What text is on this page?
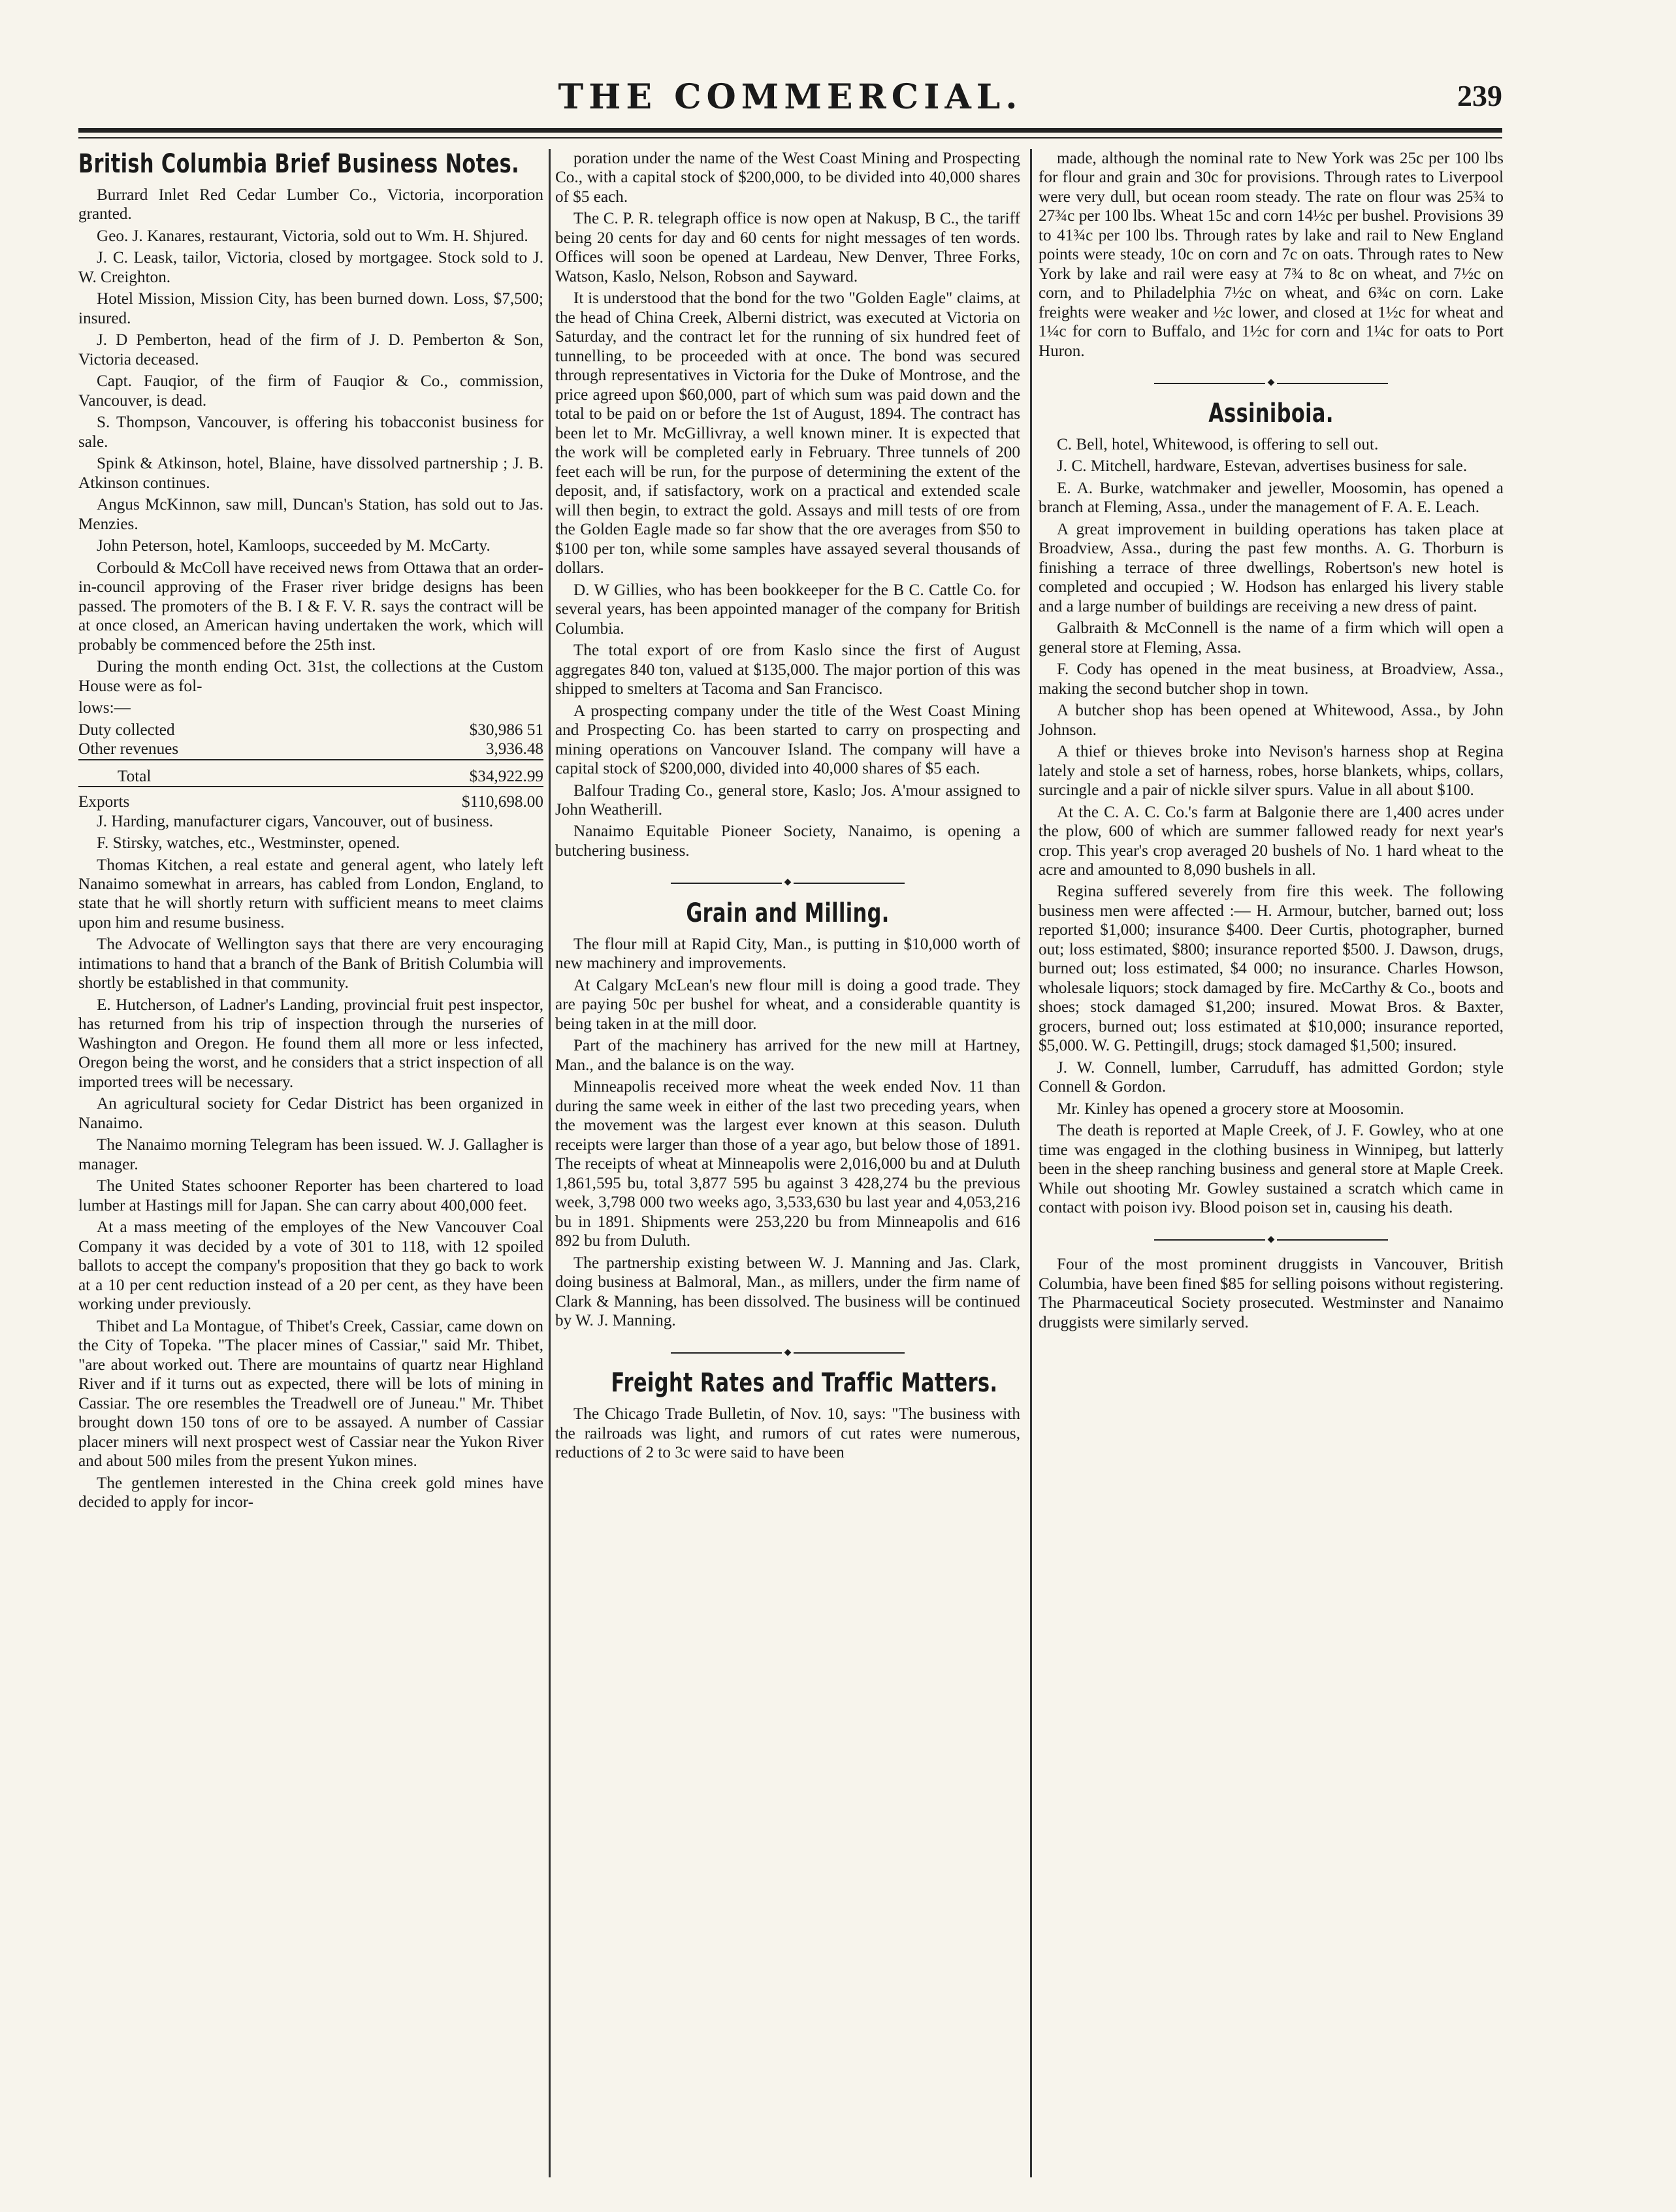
THE COMMERCIAL.	239
British Columbia Brief Business Notes.

Burrard Inlet Red Cedar Lumber Co., Victoria, incorporation granted.

Geo. J. Kanares, restaurant, Victoria, sold out to Wm. H. Shjured.

J. C. Leask, tailor, Victoria, closed by mortgagee. Stock sold to J. W. Creighton.

Hotel Mission, Mission City, has been burned down. Loss, $7,500; insured.

J. D Pemberton, head of the firm of J. D. Pemberton & Son, Victoria deceased.

Capt. Fauqior, of the firm of Fauqior & Co., commission, Vancouver, is dead.

S. Thompson, Vancouver, is offering his tobacconist business for sale.

Spink & Atkinson, hotel, Blaine, have dissolved partnership ; J. B. Atkinson continues.

Angus McKinnon, saw mill, Duncan's Station, has sold out to Jas. Menzies.

John Peterson, hotel, Kamloops, succeeded by M. McCarty.

Corbould & McColl have received news from Ottawa that an order-in-council approving of the Fraser river bridge designs has been passed. The promoters of the B. I & F. V. R. says the contract will be at once closed, an American having undertaken the work, which will probably be commenced before the 25th inst.

During the month ending Oct. 31st, the collections at the Custom House were as fol-

lows:—

Duty collected	$30,986 51
Other revenues	3,936.48

Total	$34,922.99

Exports	$110,698.00

J. Harding, manufacturer cigars, Vancouver, out of business.

F. Stirsky, watches, etc., Westminster, opened.

Thomas Kitchen, a real estate and general agent, who lately left Nanaimo somewhat in arrears, has cabled from London, England, to state that he will shortly return with sufficient means to meet claims upon him and resume business.

The Advocate of Wellington says that there are very encouraging intimations to hand that a branch of the Bank of British Columbia will shortly be established in that community.

E. Hutcherson, of Ladner's Landing, provincial fruit pest inspector, has returned from his trip of inspection through the nurseries of Washington and Oregon. He found them all more or less infected, Oregon being the worst, and he considers that a strict inspection of all imported trees will be necessary.

An agricultural society for Cedar District has been organized in Nanaimo.

The Nanaimo morning Telegram has been issued. W. J. Gallagher is manager.

The United States schooner Reporter has been chartered to load lumber at Hastings mill for Japan. She can carry about 400,000 feet.

At a mass meeting of the employes of the New Vancouver Coal Company it was decided by a vote of 301 to 118, with 12 spoiled ballots to accept the company's proposition that they go back to work at a 10 per cent reduction instead of a 20 per cent, as they have been working under previously.

Thibet and La Montague, of Thibet's Creek, Cassiar, came down on the City of Topeka. "The placer mines of Cassiar," said Mr. Thibet, "are about worked out. There are mountains of quartz near Highland River and if it turns out as expected, there will be lots of mining in Cassiar. The ore resembles the Treadwell ore of Juneau." Mr. Thibet brought down 150 tons of ore to be assayed. A number of Cassiar placer miners will next prospect west of Cassiar near the Yukon River and about 500 miles from the present Yukon mines.

The gentlemen interested in the China creek gold mines have decided to apply for incor-

poration under the name of the West Coast Mining and Prospecting Co., with a capital stock of $200,000, to be divided into 40,000 shares of $5 each.

The C. P. R. telegraph office is now open at Nakusp, B C., the tariff being 20 cents for day and 60 cents for night messages of ten words. Offices will soon be opened at Lardeau, New Denver, Three Forks, Watson, Kaslo, Nelson, Robson and Sayward.

It is understood that the bond for the two "Golden Eagle" claims, at the head of China Creek, Alberni district, was executed at Victoria on Saturday, and the contract let for the running of six hundred feet of tunnelling, to be proceeded with at once. The bond was secured through representatives in Victoria for the Duke of Montrose, and the price agreed upon $60,000, part of which sum was paid down and the total to be paid on or before the 1st of August, 1894. The contract has been let to Mr. McGillivray, a well known miner. It is expected that the work will be completed early in February. Three tunnels of 200 feet each will be run, for the purpose of determining the extent of the deposit, and, if satisfactory, work on a practical and extended scale will then begin, to extract the gold. Assays and mill tests of ore from the Golden Eagle made so far show that the ore averages from $50 to $100 per ton, while some samples have assayed several thousands of dollars.

D. W Gillies, who has been bookkeeper for the B C. Cattle Co. for several years, has been appointed manager of the company for British Columbia.

The total export of ore from Kaslo since the first of August aggregates 840 ton, valued at $135,000. The major portion of this was shipped to smelters at Tacoma and San Francisco.

A prospecting company under the title of the West Coast Mining and Prospecting Co. has been started to carry on prospecting and mining operations on Vancouver Island. The company will have a capital stock of $200,000, divided into 40,000 shares of $5 each.

Balfour Trading Co., general store, Kaslo; Jos. A'mour assigned to John Weatherill.

Nanaimo Equitable Pioneer Society, Nanaimo, is opening a butchering business.

◆
Grain and Milling.

The flour mill at Rapid City, Man., is putting in $10,000 worth of new machinery and improvements.

At Calgary McLean's new flour mill is doing a good trade. They are paying 50c per bushel for wheat, and a considerable quantity is being taken in at the mill door.

Part of the machinery has arrived for the new mill at Hartney, Man., and the balance is on the way.

Minneapolis received more wheat the week ended Nov. 11 than during the same week in either of the last two preceding years, when the movement was the largest ever known at this season. Duluth receipts were larger than those of a year ago, but below those of 1891. The receipts of wheat at Minneapolis were 2,016,000 bu and at Duluth 1,861,595 bu, total 3,877 595 bu against 3 428,274 bu the previous week, 3,798 000 two weeks ago, 3,533,630 bu last year and 4,053,216 bu in 1891. Shipments were 253,220 bu from Minneapolis and 616 892 bu from Duluth.

The partnership existing between W. J. Manning and Jas. Clark, doing business at Balmoral, Man., as millers, under the firm name of Clark & Manning, has been dissolved. The business will be continued by W. J. Manning.

◆
Freight Rates and Traffic Matters.

The Chicago Trade Bulletin, of Nov. 10, says: "The business with the railroads was light, and rumors of cut rates were numerous, reductions of 2 to 3c were said to have been

made, although the nominal rate to New York was 25c per 100 lbs for flour and grain and 30c for provisions. Through rates to Liverpool were very dull, but ocean room steady. The rate on flour was 25¾ to 27¾c per 100 lbs. Wheat 15c and corn 14½c per bushel. Provisions 39 to 41¾c per 100 lbs. Through rates by lake and rail to New England points were steady, 10c on corn and 7c on oats. Through rates to New York by lake and rail were easy at 7¾ to 8c on wheat, and 7½c on corn, and to Philadelphia 7½c on wheat, and 6¾c on corn. Lake freights were weaker and ½c lower, and closed at 1½c for wheat and 1¼c for corn to Buffalo, and 1½c for corn and 1¼c for oats to Port Huron.

◆
Assiniboia.

C. Bell, hotel, Whitewood, is offering to sell out.

J. C. Mitchell, hardware, Estevan, advertises business for sale.

E. A. Burke, watchmaker and jeweller, Moosomin, has opened a branch at Fleming, Assa., under the management of F. A. E. Leach.

A great improvement in building operations has taken place at Broadview, Assa., during the past few months. A. G. Thorburn is finishing a terrace of three dwellings, Robertson's new hotel is completed and occupied ; W. Hodson has enlarged his livery stable and a large number of buildings are receiving a new dress of paint.

Galbraith & McConnell is the name of a firm which will open a general store at Fleming, Assa.

F. Cody has opened in the meat business, at Broadview, Assa., making the second butcher shop in town.

A butcher shop has been opened at Whitewood, Assa., by John Johnson.

A thief or thieves broke into Nevison's harness shop at Regina lately and stole a set of harness, robes, horse blankets, whips, collars, surcingle and a pair of nickle silver spurs. Value in all about $100.

At the C. A. C. Co.'s farm at Balgonie there are 1,400 acres under the plow, 600 of which are summer fallowed ready for next year's crop. This year's crop averaged 20 bushels of No. 1 hard wheat to the acre and amounted to 8,090 bushels in all.

Regina suffered severely from fire this week. The following business men were affected :— H. Armour, butcher, barned out; loss reported $1,000; insurance $400. Deer Curtis, photographer, burned out; loss estimated, $800; insurance reported $500. J. Dawson, drugs, burned out; loss estimated, $4 000; no insurance. Charles Howson, wholesale liquors; stock damaged by fire. McCarthy & Co., boots and shoes; stock damaged $1,200; insured. Mowat Bros. & Baxter, grocers, burned out; loss estimated at $10,000; insurance reported, $5,000. W. G. Pettingill, drugs; stock damaged $1,500; insured.

J. W. Connell, lumber, Carruduff, has admitted Gordon; style Connell & Gordon.

Mr. Kinley has opened a grocery store at Moosomin.

The death is reported at Maple Creek, of J. F. Gowley, who at one time was engaged in the clothing business in Winnipeg, but latterly been in the sheep ranching business and general store at Maple Creek. While out shooting Mr. Gowley sustained a scratch which came in contact with poison ivy. Blood poison set in, causing his death.

◆

Four of the most prominent druggists in Vancouver, British Columbia, have been fined $85 for selling poisons without registering. The Pharmaceutical Society prosecuted. Westminster and Nanaimo druggists were similarly served.
